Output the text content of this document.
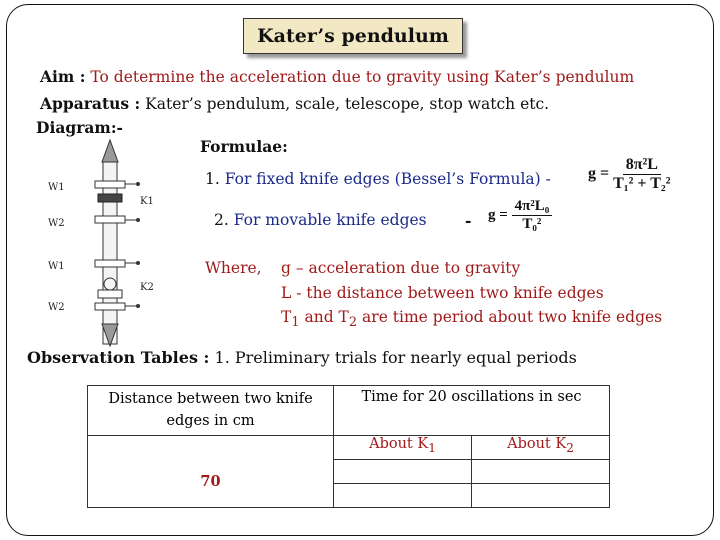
Kater’s pendulum
Aim : To determine the acceleration due to gravity using Kater’s pendulum
Apparatus : Kater’s pendulum, scale, telescope, stop watch etc.
Diagram:-
W1
W2
W1
W2
K1
K2
Formulae:
1. For fixed knife edges (Bessel’s Formula) - $g = \frac{\text{8π²L}}{\text{T₁² + T₂²}}$
2. For movable knife edges - $g = \frac{\text{4π²L₀}}{\text{T₀²}}$
Where, g – acceleration due to gravity
L - the distance between two knife edges
$T_1$ and $T_2$ are time period about two knife edges
Observation Tables : 1. Preliminary trials for nearly equal periods
Distance between two knife edges in cm	Time for 20 oscillations in sec	
70	About $K_1$	About $K_2$
